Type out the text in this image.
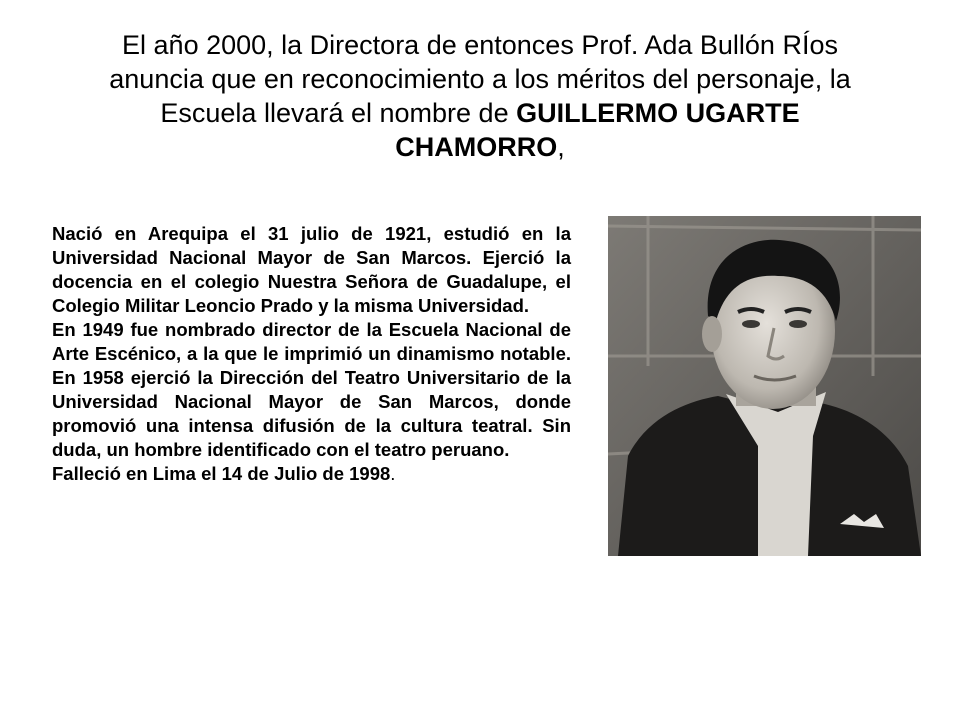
El año 2000, la Directora de entonces Prof. Ada Bullón RÍos anuncia que en reconocimiento a los méritos del personaje, la Escuela llevará el nombre de GUILLERMO UGARTE CHAMORRO,

Nació en Arequipa el 31 julio de 1921, estudió en la Universidad Nacional Mayor de San Marcos. Ejerció la docencia en el colegio Nuestra Señora de Guadalupe, el Colegio Militar Leoncio Prado y la misma Universidad.

En 1949 fue nombrado director de la Escuela Nacional de Arte Escénico, a la que le imprimió un dinamismo notable. En 1958 ejerció la Dirección del Teatro Universitario de la Universidad Nacional Mayor de San Marcos, donde promovió una intensa difusión de la cultura teatral. Sin duda, un hombre identificado con el teatro peruano.

Falleció en Lima el 14 de Julio de 1998.
